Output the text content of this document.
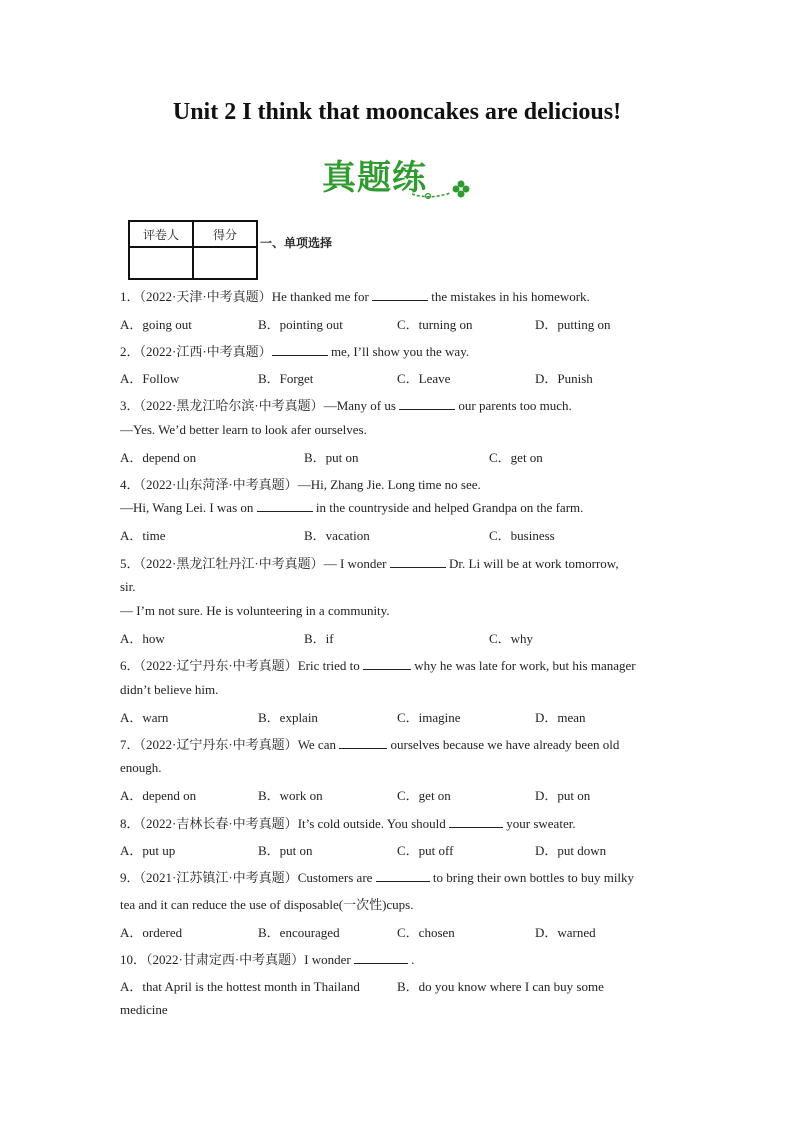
Unit 2 I think that mooncakes are delicious!
真题练
评卷人	得分

一、单项选择
1．（2022·天津·中考真题）He thanked me for	the mistakes in his homework.
A．going out	B．pointing out	C．turning on	D．putting on
2．（2022·江西·中考真题）	me, I’ll show you the way.
A．Follow	B．Forget	C．Leave	D．Punish
3．（2022·黑龙江哈尔滨·中考真题）—Many of us	our parents too much.
—Yes. We’d better learn to look afer ourselves.
A．depend on	B．put on	C．get on
4．（2022·山东菏泽·中考真题）—Hi, Zhang Jie. Long time no see.
—Hi, Wang Lei. I was on	in the countryside and helped Grandpa on the farm.
A．time	B．vacation	C．business
5．（2022·黑龙江牡丹江·中考真题）— I wonder	Dr. Li will be at work tomorrow,
sir.
— I’m not sure. He is volunteering in a community.
A．how	B．if	C．why
6．（2022·辽宁丹东·中考真题）Eric tried to	why he was late for work, but his manager
didn’t believe him.
A．warn	B．explain	C．imagine	D．mean
7．（2022·辽宁丹东·中考真题）We can	ourselves because we have already been old
enough.
A．depend on	B．work on	C．get on	D．put on
8．（2022·吉林长春·中考真题）It’s cold outside. You should	your sweater.
A．put up	B．put on	C．put off	D．put down
9．（2021·江苏镇江·中考真题）Customers are	to bring their own bottles to buy milky
tea and it can reduce the use of disposable(一次性)cups.
A．ordered	B．encouraged	C．chosen	D．warned
10．（2022·甘肃定西·中考真题）I wonder	.
A．that April is the hottest month in Thailand	B．do you know where I can buy some
medicine
